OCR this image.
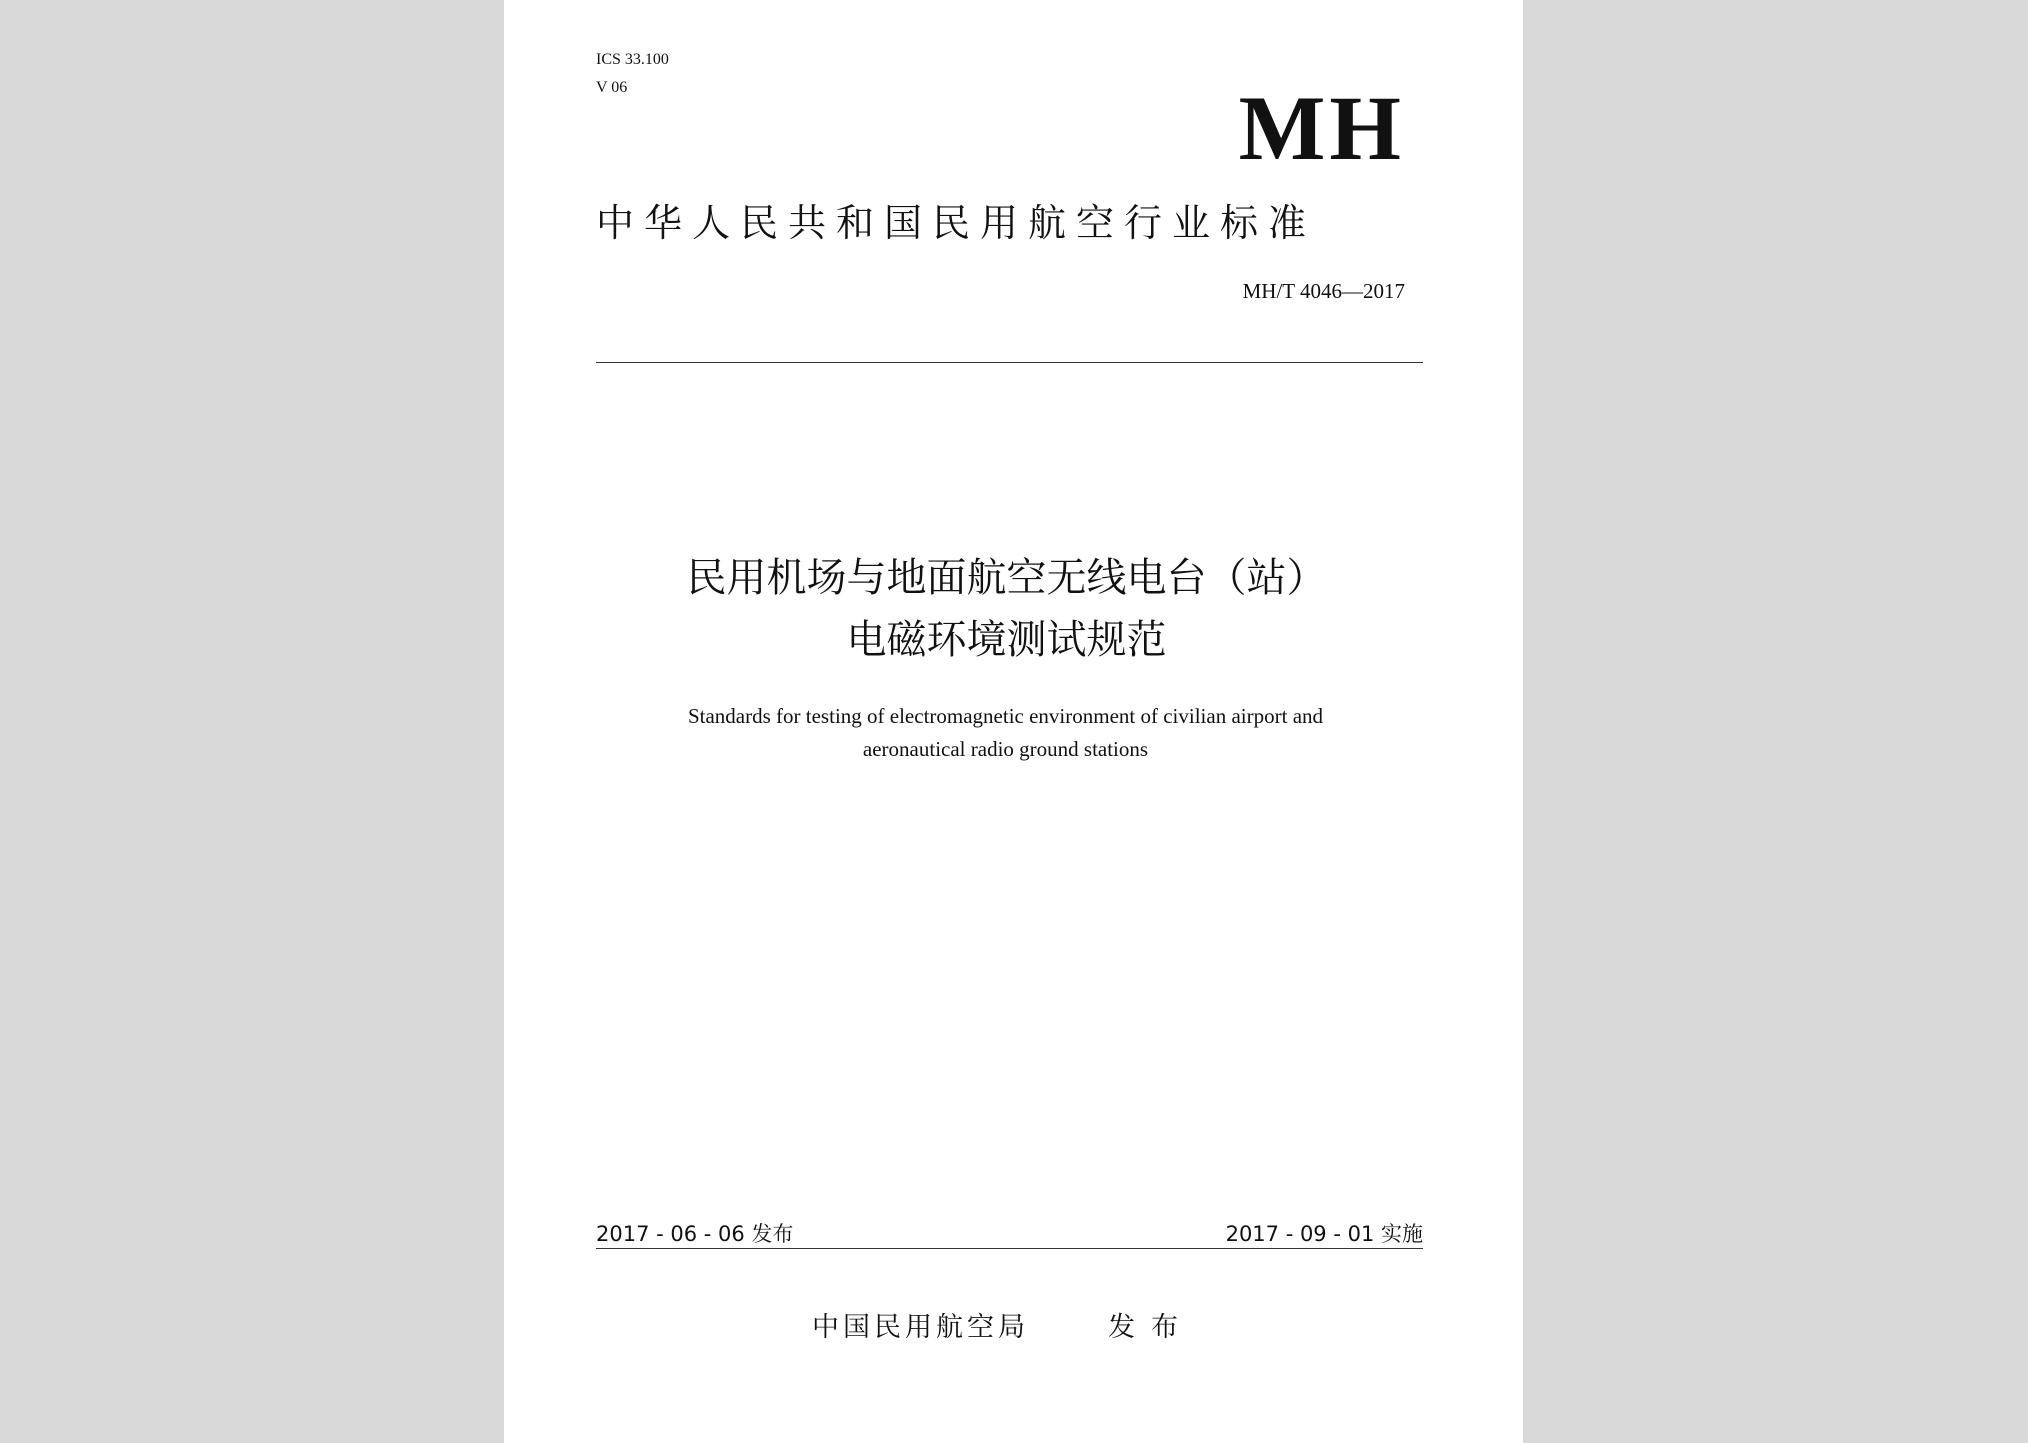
ICS 33.100
V 06	MH
中华人民共和国民用航空行业标准
MH/T 4046—2017
民用机场与地面航空无线电台（站）
电磁环境测试规范
Standards for testing of electromagnetic environment of civilian airport and
aeronautical radio ground stations
2017 - 06 - 06 发布	2017 - 09 - 01 实施
中国民用航空局	发布
